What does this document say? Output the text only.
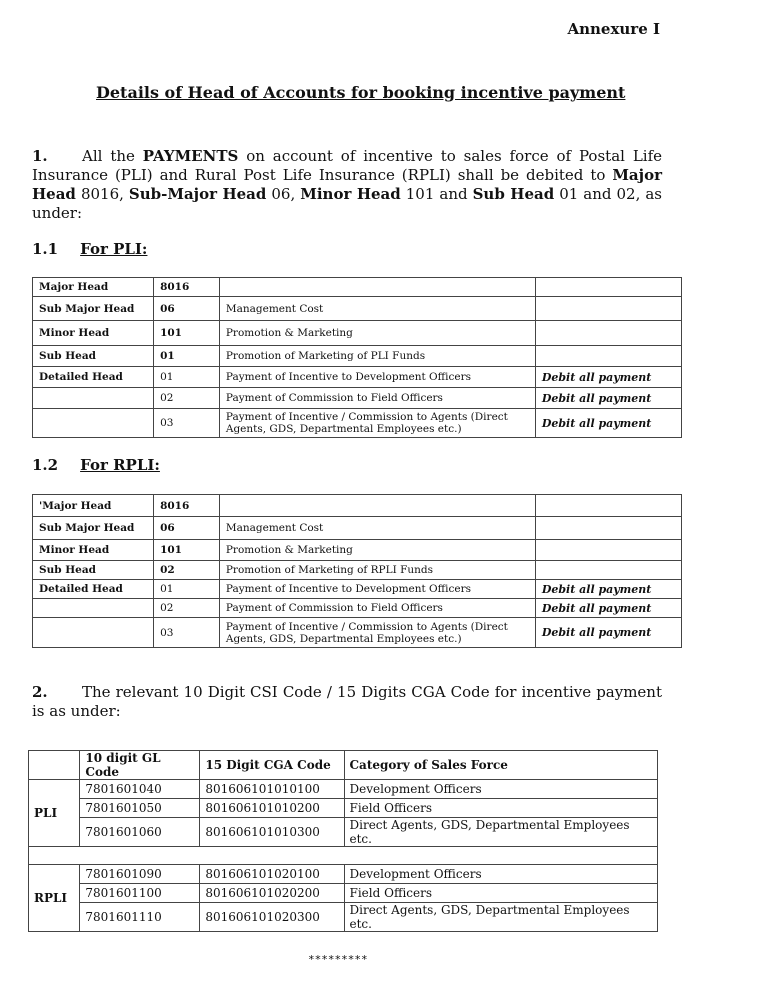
Annexure I
Details of Head of Accounts for booking incentive payment
1. All the PAYMENTS on account of incentive to sales force of Postal Life Insurance (PLI) and Rural Post Life Insurance (RPLI) shall be debited to Major Head 8016, Sub-Major Head 06, Minor Head 101 and Sub Head 01 and 02, as under:
1.1 For PLI:
Major Head	8016		
Sub Major Head	06	Management Cost	
Minor Head	101	Promotion & Marketing	
Sub Head	01	Promotion of Marketing of PLI Funds	
Detailed Head	01	Payment of Incentive to Development Officers	Debit all payment
	02	Payment of Commission to Field Officers	Debit all payment
	03	Payment of Incentive / Commission to Agents (Direct Agents, GDS, Departmental Employees etc.)	Debit all payment
1.2 For RPLI:
'Major Head	8016		
Sub Major Head	06	Management Cost	
Minor Head	101	Promotion & Marketing	
Sub Head	02	Promotion of Marketing of RPLI Funds	
Detailed Head	01	Payment of Incentive to Development Officers	Debit all payment
	02	Payment of Commission to Field Officers	Debit all payment
	03	Payment of Incentive / Commission to Agents (Direct Agents, GDS, Departmental Employees etc.)	Debit all payment
2. The relevant 10 Digit CSI Code / 15 Digits CGA Code for incentive payment is as under:
	10 digit GL Code	15 Digit CGA Code	Category of Sales Force
PLI	7801601040	801606101010100	Development Officers
	7801601050	801606101010200	Field Officers
	7801601060	801606101010300	Direct Agents, GDS, Departmental Employees etc.

RPLI	7801601090	801606101020100	Development Officers
	7801601100	801606101020200	Field Officers
	7801601110	801606101020300	Direct Agents, GDS, Departmental Employees etc.
*********
